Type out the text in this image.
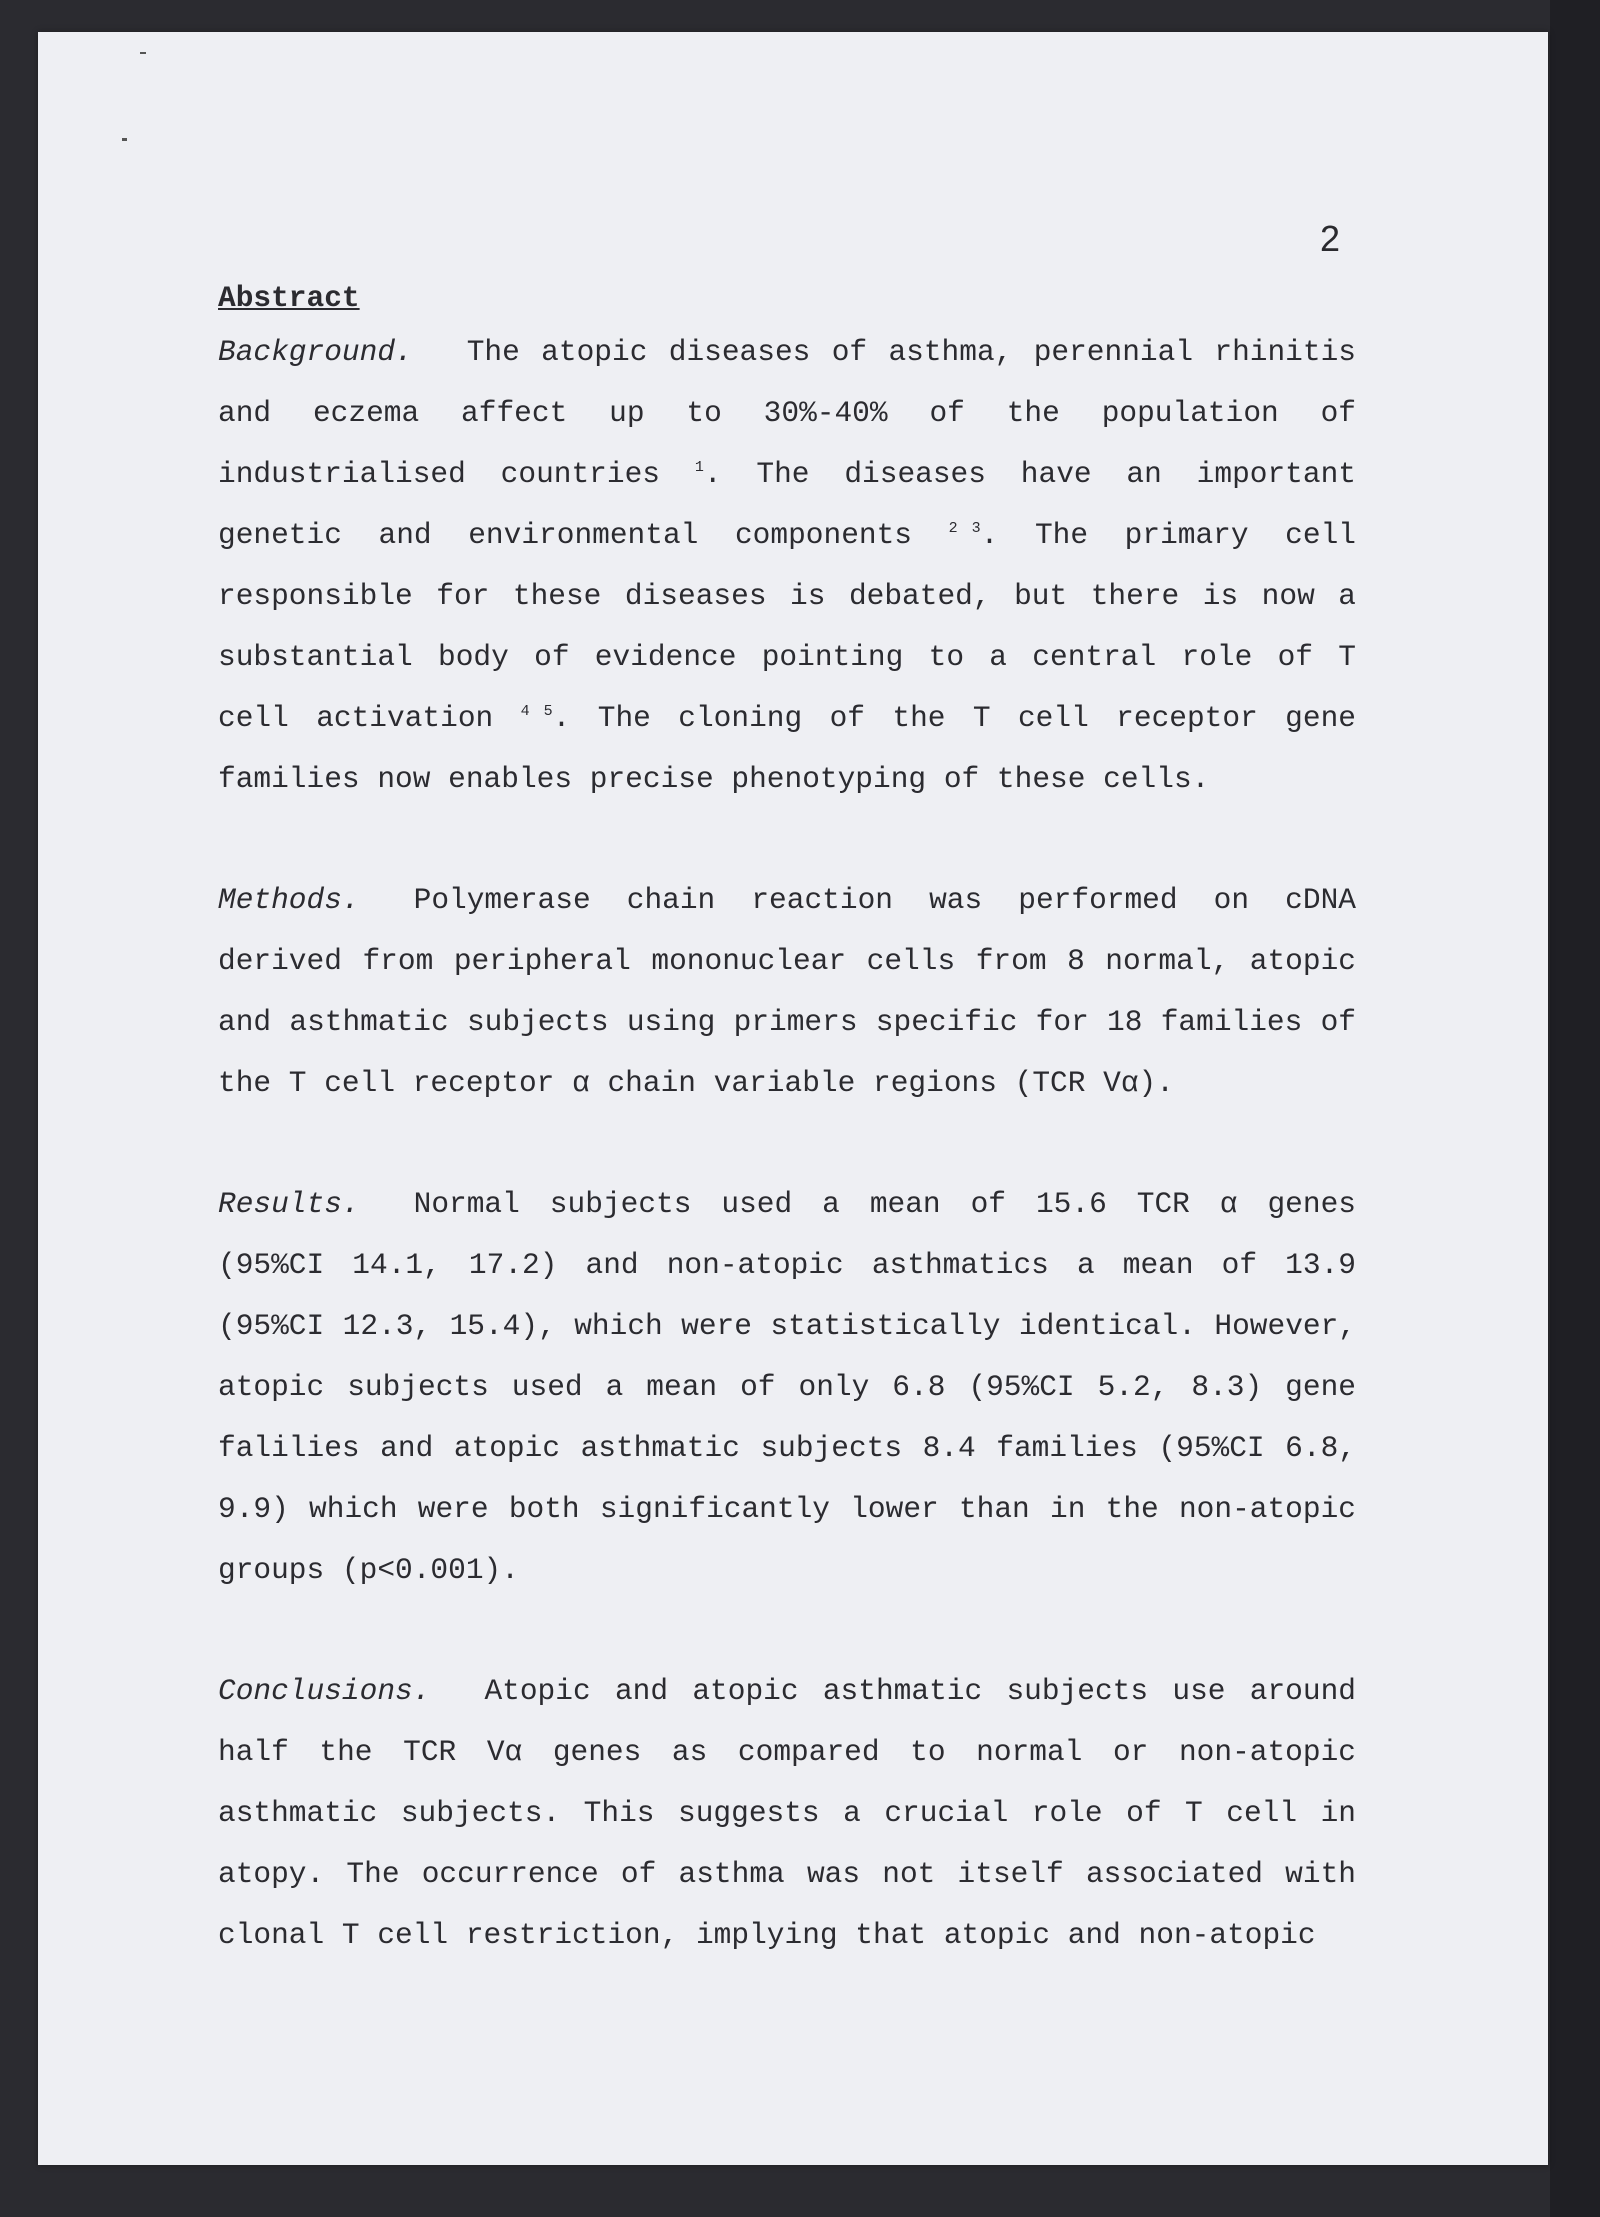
2

Abstract

Background. The atopic diseases of asthma, perennial rhinitis and eczema affect up to 30%-40% of the population of industrialised countries $^1$. The diseases have an important genetic and environmental components $^2$ $^3$. The primary cell responsible for these diseases is debated, but there is now a substantial body of evidence pointing to a central role of T cell activation $^4$ $^5$. The cloning of the T cell receptor gene families now enables precise phenotyping of these cells.

Methods. Polymerase chain reaction was performed on cDNA derived from peripheral mononuclear cells from 8 normal, atopic and asthmatic subjects using primers specific for 18 families of the T cell receptor α chain variable regions (TCR Vα).

Results. Normal subjects used a mean of 15.6 TCR α genes (95%CI 14.1, 17.2) and non-atopic asthmatics a mean of 13.9 (95%CI 12.3, 15.4), which were statistically identical. However, atopic subjects used a mean of only 6.8 (95%CI 5.2, 8.3) gene falilies and atopic asthmatic subjects 8.4 families (95%CI 6.8, 9.9) which were both significantly lower than in the non-atopic groups (p<0.001).

Conclusions. Atopic and atopic asthmatic subjects use around half the TCR Vα genes as compared to normal or non-atopic asthmatic subjects. This suggests a crucial role of T cell in atopy. The occurrence of asthma was not itself associated with clonal T cell restriction, implying that atopic and non-atopic
